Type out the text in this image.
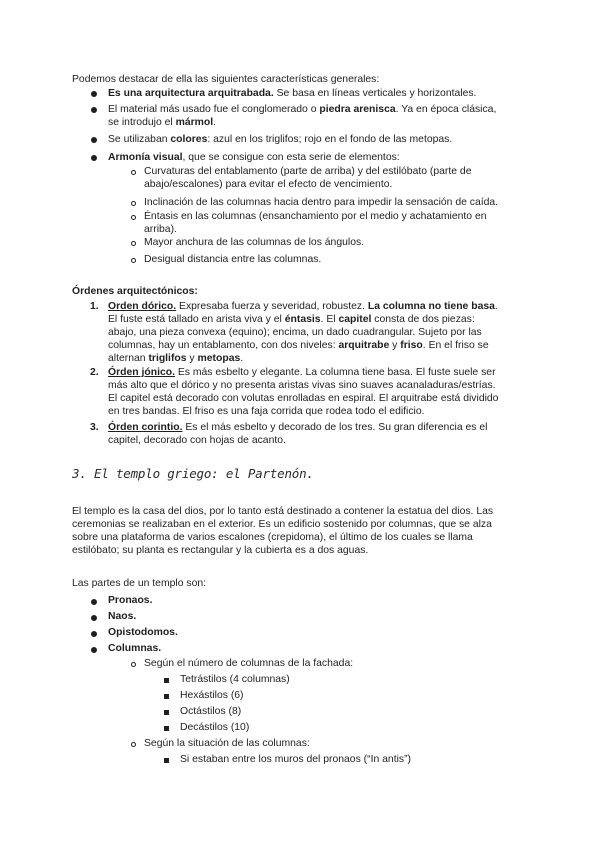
Podemos destacar de ella las siguientes características generales:

Es una arquitectura arquitrabada. Se basa en líneas verticales y horizontales.

El material más usado fue el conglomerado o piedra arenisca. Ya en época clásica,

se introdujo el mármol.

Se utilizaban colores: azul en los triglifos; rojo en el fondo de las metopas.

Armonía visual, que se consigue con esta serie de elementos:

Curvaturas del entablamento (parte de arriba) y del estilóbato (parte de

abajo/escalones) para evitar el efecto de vencimiento.

Inclinación de las columnas hacia dentro para impedir la sensación de caída.

Éntasis en las columnas (ensanchamiento por el medio y achatamiento en

arriba).

Mayor anchura de las columnas de los ángulos.

Desigual distancia entre las columnas.

Órdenes arquitectónicos:

1. Orden dórico. Expresaba fuerza y severidad, robustez. La columna no tiene basa.

El fuste está tallado en arista viva y el éntasis. El capitel consta de dos piezas:

abajo, una pieza convexa (equino); encima, un dado cuadrangular. Sujeto por las

columnas, hay un entablamento, con dos niveles: arquitrabe y friso. En el friso se

alternan triglifos y metopas.

2. Órden jónico. Es más esbelto y elegante. La columna tiene basa. El fuste suele ser

más alto que el dórico y no presenta aristas vivas sino suaves acanaladuras/estrías.

El capitel está decorado con volutas enrolladas en espiral. El arquitrabe está dividido

en tres bandas. El friso es una faja corrida que rodea todo el edificio.

3. Órden corintio. Es el más esbelto y decorado de los tres. Su gran diferencia es el

capitel, decorado con hojas de acanto.

3. El templo griego: el Partenón.

El templo es la casa del dios, por lo tanto está destinado a contener la estatua del dios. Las

ceremonias se realizaban en el exterior. Es un edificio sostenido por columnas, que se alza

sobre una plataforma de varios escalones (crepidoma), el último de los cuales se llama

estilóbato; su planta es rectangular y la cubierta es a dos aguas.

Las partes de un templo son:

Pronaos.

Naos.

Opistodomos.

Columnas.

Según el número de columnas de la fachada:

Tetrástilos (4 columnas)

Hexástilos (6)

Octástilos (8)

Decástilos (10)

Según la situación de las columnas:

Si estaban entre los muros del pronaos (“In antis”)
